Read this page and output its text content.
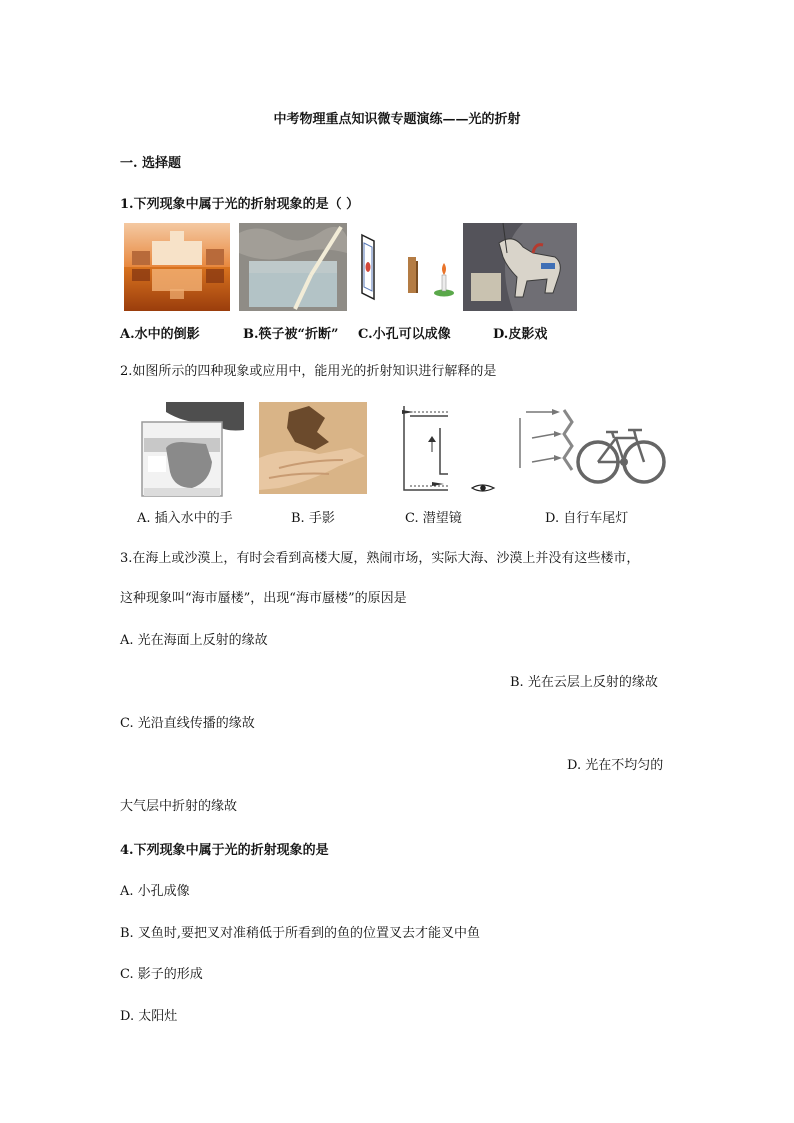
中考物理重点知识微专题演练——光的折射
一. 选择题
1.下列现象中属于光的折射现象的是（ ）
A.水中的倒影	B.筷子被“折断” C.小孔可以成像	D.皮影戏
2.如图所示的四种现象或应用中，能用光的折射知识进行解释的是
A. 插入水中的手	B. 手影	C. 潜望镜	D. 自行车尾灯
3.在海上或沙漠上，有时会看到高楼大厦，熟闹市场，实际大海、沙漠上并没有这些楼市，
这种现象叫“海市蜃楼”，出现“海市蜃楼”的原因是
A. 光在海面上反射的缘故
B. 光在云层上反射的缘故
C. 光沿直线传播的缘故
D. 光在不均匀的
大气层中折射的缘故
4.下列现象中属于光的折射现象的是
A. 小孔成像
B. 叉鱼时,要把叉对准稍低于所看到的鱼的位置叉去才能叉中鱼
C. 影子的形成
D. 太阳灶
